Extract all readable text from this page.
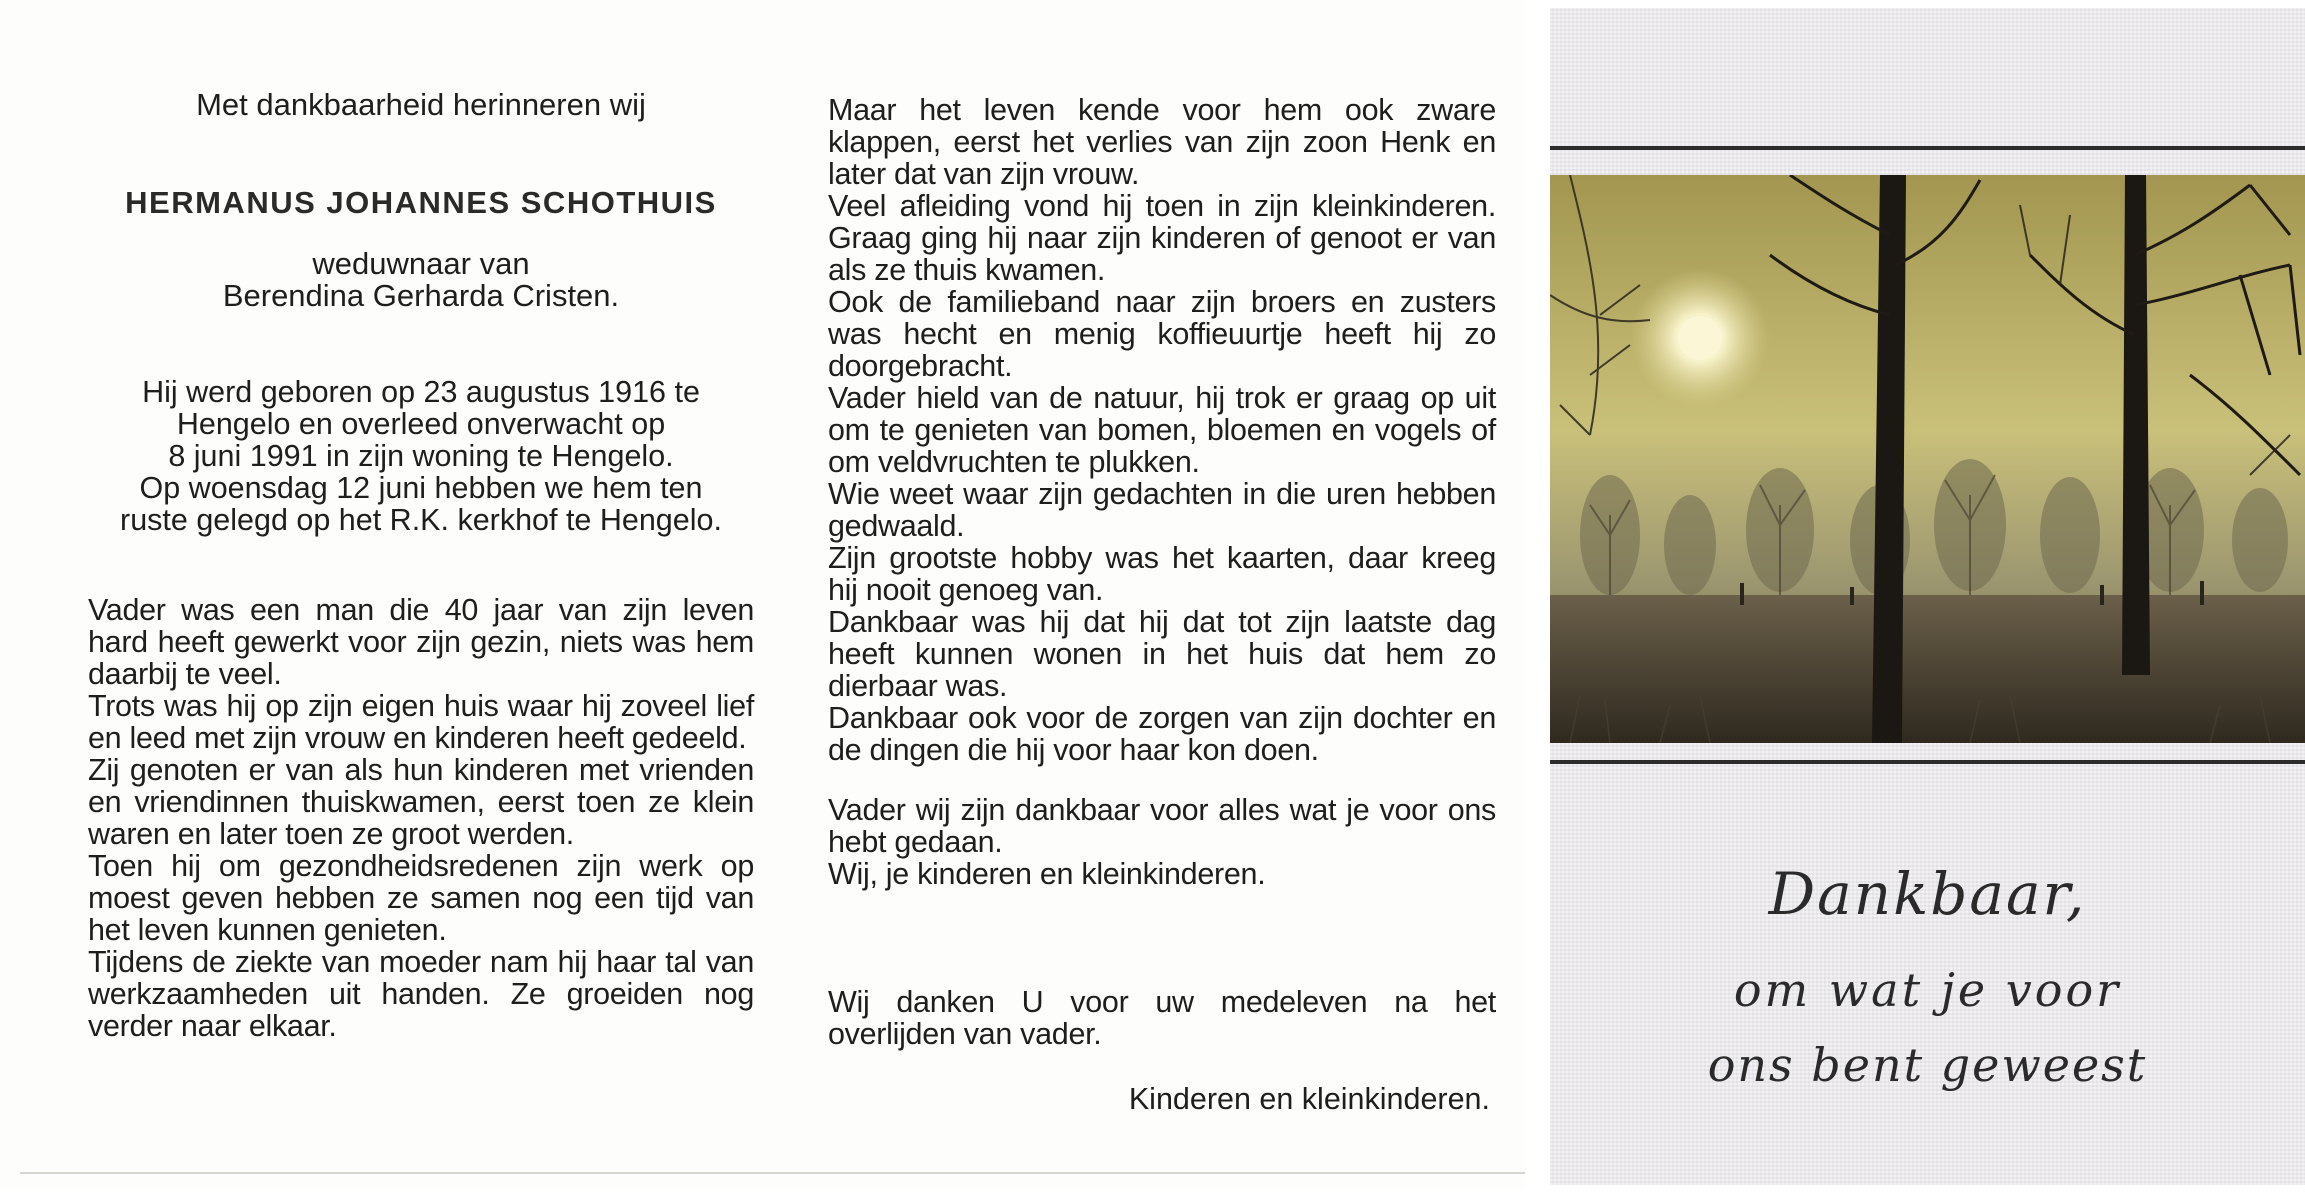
Met dankbaarheid herinneren wij
HERMANUS JOHANNES SCHOTHUIS
weduwnaar van
Berendina Gerharda Cristen.
Hij werd geboren op 23 augustus 1916 te
Hengelo en overleed onverwacht op
8 juni 1991 in zijn woning te Hengelo.
Op woensdag 12 juni hebben we hem ten
ruste gelegd op het R.K. kerkhof te Hengelo.

Vader was een man die 40 jaar van zijn leven hard heeft gewerkt voor zijn gezin, niets was hem daarbij te veel.

Trots was hij op zijn eigen huis waar hij zoveel lief en leed met zijn vrouw en kinderen heeft gedeeld.

Zij genoten er van als hun kinderen met vrienden en vriendinnen thuiskwamen, eerst toen ze klein waren en later toen ze groot werden.

Toen hij om gezondheidsredenen zijn werk op moest geven hebben ze samen nog een tijd van het leven kunnen genieten.

Tijdens de ziekte van moeder nam hij haar tal van werkzaamheden uit handen. Ze groeiden nog verder naar elkaar.

Maar het leven kende voor hem ook zware klappen, eerst het verlies van zijn zoon Henk en later dat van zijn vrouw.

Veel afleiding vond hij toen in zijn kleinkinderen. Graag ging hij naar zijn kinderen of genoot er van als ze thuis kwamen.

Ook de familieband naar zijn broers en zusters was hecht en menig koffieuurtje heeft hij zo doorgebracht.

Vader hield van de natuur, hij trok er graag op uit om te genieten van bomen, bloemen en vogels of om veldvruchten te plukken.

Wie weet waar zijn gedachten in die uren hebben gedwaald.

Zijn grootste hobby was het kaarten, daar kreeg hij nooit genoeg van.

Dankbaar was hij dat hij dat tot zijn laatste dag heeft kunnen wonen in het huis dat hem zo dierbaar was.

Dankbaar ook voor de zorgen van zijn dochter en de dingen die hij voor haar kon doen.

Vader wij zijn dankbaar voor alles wat je voor ons hebt gedaan.

Wij, je kinderen en kleinkinderen.

Wij danken U voor uw medeleven na het overlijden van vader.

Kinderen en kleinkinderen.
Dankbaar,
om wat je voor
ons bent geweest
